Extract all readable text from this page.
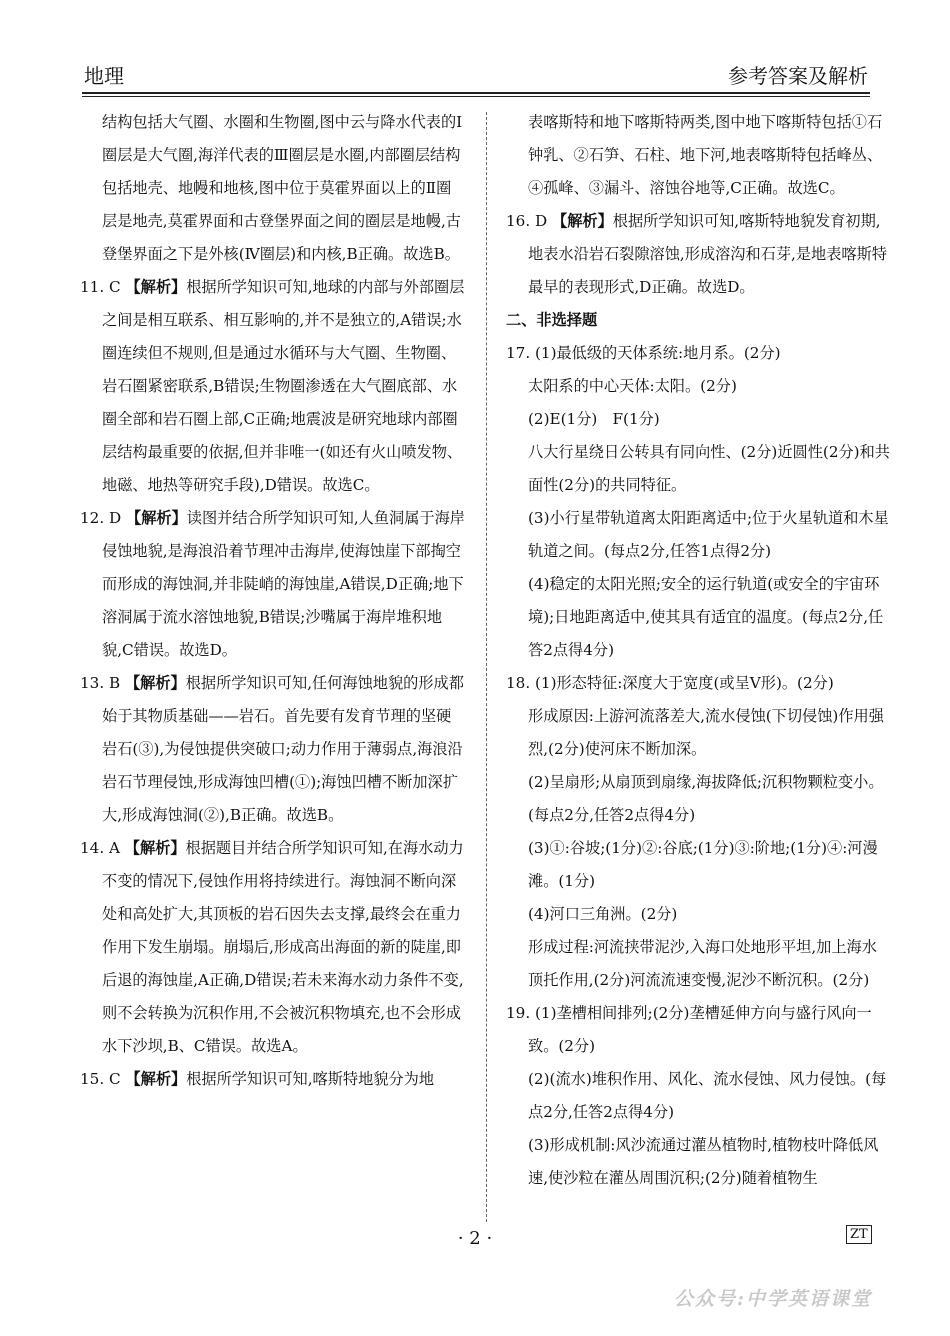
地理	参考答案及解析

结构包括大气圈、水圈和生物圈,图中云与降水代表的Ⅰ圈层是大气圈,海洋代表的Ⅲ圈层是水圈,内部圈层结构包括地壳、地幔和地核,图中位于莫霍界面以上的Ⅱ圈层是地壳,莫霍界面和古登堡界面之间的圈层是地幔,古登堡界面之下是外核(Ⅳ圈层)和内核,B正确。故选B。

11. C 【解析】根据所学知识可知,地球的内部与外部圈层之间是相互联系、相互影响的,并不是独立的,A错误;水圈连续但不规则,但是通过水循环与大气圈、生物圈、岩石圈紧密联系,B错误;生物圈渗透在大气圈底部、水圈全部和岩石圈上部,C正确;地震波是研究地球内部圈层结构最重要的依据,但并非唯一(如还有火山喷发物、地磁、地热等研究手段),D错误。故选C。

12. D 【解析】读图并结合所学知识可知,人鱼洞属于海岸侵蚀地貌,是海浪沿着节理冲击海岸,使海蚀崖下部掏空而形成的海蚀洞,并非陡峭的海蚀崖,A错误,D正确;地下溶洞属于流水溶蚀地貌,B错误;沙嘴属于海岸堆积地貌,C错误。故选D。

13. B 【解析】根据所学知识可知,任何海蚀地貌的形成都始于其物质基础——岩石。首先要有发育节理的坚硬岩石(③),为侵蚀提供突破口;动力作用于薄弱点,海浪沿岩石节理侵蚀,形成海蚀凹槽(①);海蚀凹槽不断加深扩大,形成海蚀洞(②),B正确。故选B。

14. A 【解析】根据题目并结合所学知识可知,在海水动力不变的情况下,侵蚀作用将持续进行。海蚀洞不断向深处和高处扩大,其顶板的岩石因失去支撑,最终会在重力作用下发生崩塌。崩塌后,形成高出海面的新的陡崖,即后退的海蚀崖,A正确,D错误;若未来海水动力条件不变,则不会转换为沉积作用,不会被沉积物填充,也不会形成水下沙坝,B、C错误。故选A。

15. C 【解析】根据所学知识可知,喀斯特地貌分为地

表喀斯特和地下喀斯特两类,图中地下喀斯特包括①石钟乳、②石笋、石柱、地下河,地表喀斯特包括峰丛、④孤峰、③漏斗、溶蚀谷地等,C正确。故选C。

16. D 【解析】根据所学知识可知,喀斯特地貌发育初期,地表水沿岩石裂隙溶蚀,形成溶沟和石芽,是地表喀斯特最早的表现形式,D正确。故选D。

二、非选择题

17. (1)最低级的天体系统:地月系。(2分)

太阳系的中心天体:太阳。(2分)

(2)E(1分)　F(1分)

八大行星绕日公转具有同向性、(2分)近圆性(2分)和共面性(2分)的共同特征。

(3)小行星带轨道离太阳距离适中;位于火星轨道和木星轨道之间。(每点2分,任答1点得2分)

(4)稳定的太阳光照;安全的运行轨道(或安全的宇宙环境);日地距离适中,使其具有适宜的温度。(每点2分,任答2点得4分)

18. (1)形态特征:深度大于宽度(或呈V形)。(2分)

形成原因:上游河流落差大,流水侵蚀(下切侵蚀)作用强烈,(2分)使河床不断加深。

(2)呈扇形;从扇顶到扇缘,海拔降低;沉积物颗粒变小。(每点2分,任答2点得4分)

(3)①:谷坡;(1分)②:谷底;(1分)③:阶地;(1分)④:河漫滩。(1分)

(4)河口三角洲。(2分)

形成过程:河流挟带泥沙,入海口处地形平坦,加上海水顶托作用,(2分)河流流速变慢,泥沙不断沉积。(2分)

19. (1)垄槽相间排列;(2分)垄槽延伸方向与盛行风向一致。(2分)

(2)(流水)堆积作用、风化、流水侵蚀、风力侵蚀。(每点2分,任答2点得4分)

(3)形成机制:风沙流通过灌丛植物时,植物枝叶降低风速,使沙粒在灌丛周围沉积;(2分)随着植物生

· 2 ·	ZT
公众号:中学英语课堂
